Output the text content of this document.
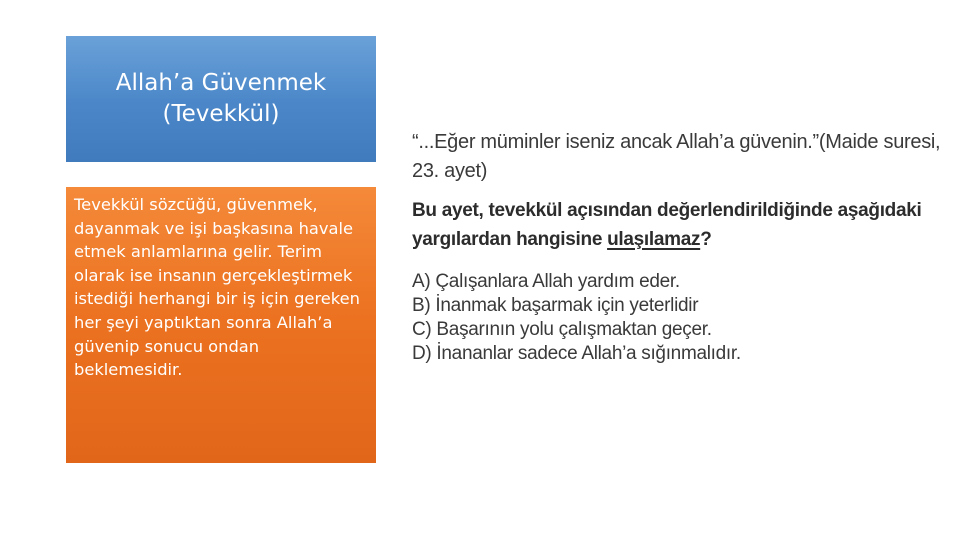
Allah’a Güvenmek (Tevekkül)

Tevekkül sözcüğü, güvenmek, dayanmak ve işi başkasına havale etmek anlamlarına gelir. Terim olarak ise insanın gerçekleştirmek istediği herhangi bir iş için gereken her şeyi yaptıktan sonra Allah’a güvenip sonucu ondan beklemesidir.

“...Eğer müminler iseniz ancak Allah’a güvenin.”(Maide suresi, 23. ayet)

Bu ayet, tevekkül açısından değerlendirildiğinde aşağıdaki yargılardan hangisine ulaşılamaz?

A) Çalışanlara Allah yardım eder.
B) İnanmak başarmak için yeterlidir
C) Başarının yolu çalışmaktan geçer.
D) İnananlar sadece Allah’a sığınmalıdır.
